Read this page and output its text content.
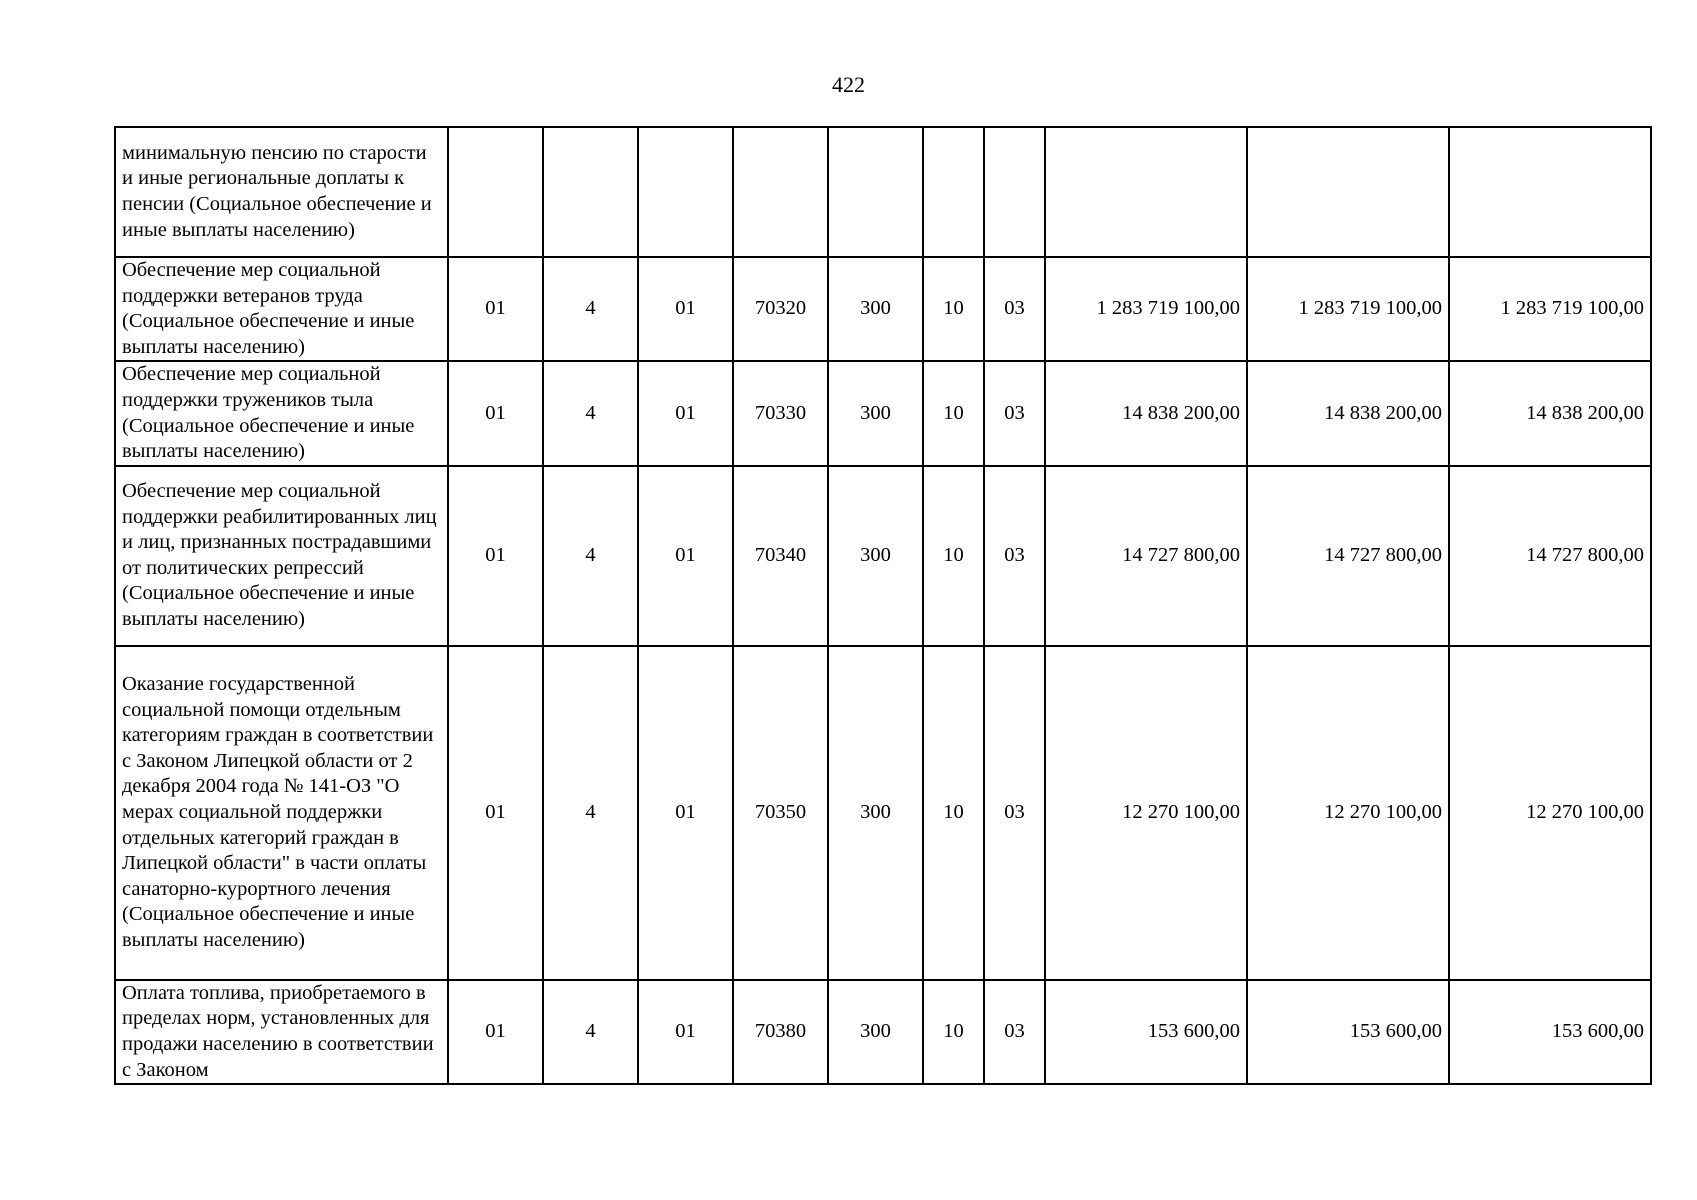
422
минимальную пенсию по старости и иные региональные доплаты к пенсии (Социальное обеспечение и иные выплаты населению)										
Обеспечение мер социальной поддержки ветеранов труда (Социальное обеспечение и иные выплаты населению)	01	4	01	70320	300	10	03	1 283 719 100,00	1 283 719 100,00	1 283 719 100,00
Обеспечение мер социальной поддержки тружеников тыла (Социальное обеспечение и иные выплаты населению)	01	4	01	70330	300	10	03	14 838 200,00	14 838 200,00	14 838 200,00
Обеспечение мер социальной поддержки реабилитированных лиц и лиц, признанных пострадавшими от политических репрессий (Социальное обеспечение и иные выплаты населению)	01	4	01	70340	300	10	03	14 727 800,00	14 727 800,00	14 727 800,00
Оказание государственной социальной помощи отдельным категориям граждан в соответствии с Законом Липецкой области от 2 декабря 2004 года № 141-ОЗ "О мерах социальной поддержки отдельных категорий граждан в Липецкой области" в части оплаты санаторно-курортного лечения (Социальное обеспечение и иные выплаты населению)	01	4	01	70350	300	10	03	12 270 100,00	12 270 100,00	12 270 100,00
Оплата топлива, приобретаемого в пределах норм, установленных для продажи населению в соответствии с Законом	01	4	01	70380	300	10	03	153 600,00	153 600,00	153 600,00
